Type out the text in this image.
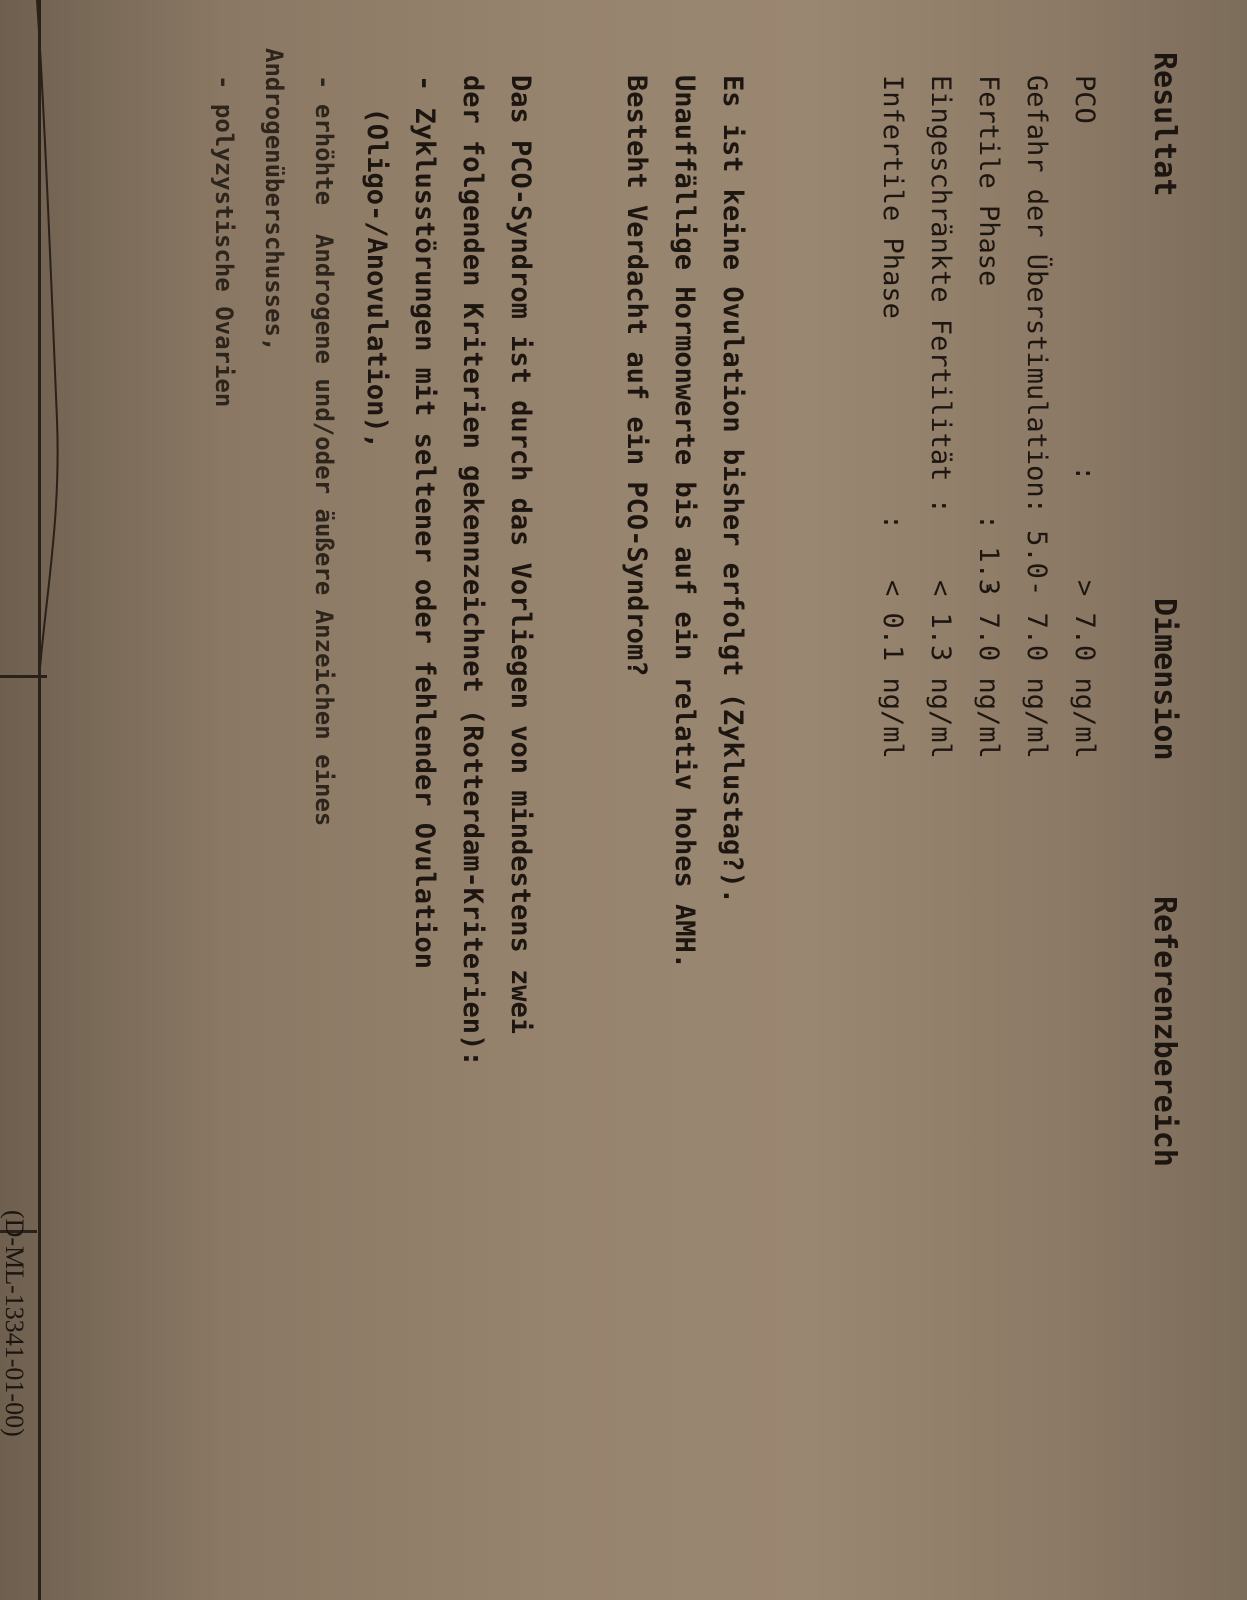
(D-ML-13341-01-00)
Resultat
Dimension
Referenzbereich
PCO                     :
> 7.0 ng/ml
Gefahr der Überstimulation: 5.0
- 7.0 ng/ml
Fertile Phase              : 1.3
- 7.0 ng/ml
Eingeschränkte Fertilität :
< 1.3 ng/ml
Infertile Phase            :
< 0.1 ng/ml
Es ist keine Ovulation bisher erfolgt (Zyklustag?).
Unauffällige Hormonwerte bis auf ein relativ hohes AMH.
Besteht Verdacht auf ein PCO-Syndrom?
Das PCO-Syndrom ist durch das Vorliegen von mindestens zwei
der folgenden Kriterien gekennzeichnet (Rotterdam-Kriterien):
- Zyklusstörungen mit seltener oder fehlender Ovulation
(Oligo-/Anovulation),
- erhöhte  Androgene und/oder äußere Anzeichen eines
Androgenüberschusses,
- polyzystische Ovarien
